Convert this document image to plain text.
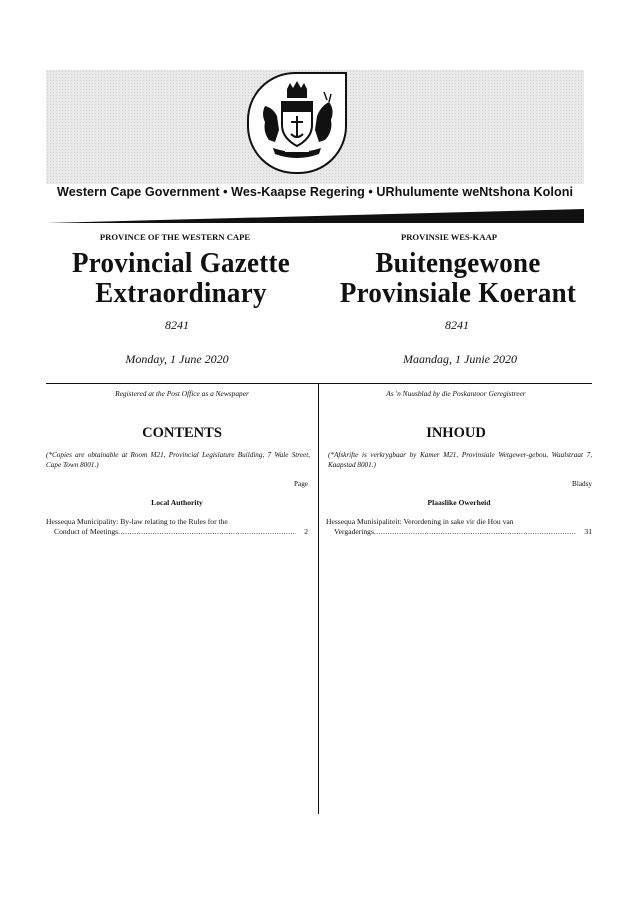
Western Cape Government • Wes-Kaapse Regering • URhulumente weNtshona Koloni
PROVINCE OF THE WESTERN CAPE
Provincial Gazette
Extraordinary
PROVINSIE WES-KAAP
Buitengewone
Provinsiale Koerant
8241	8241
Monday, 1 June 2020	Maandag, 1 Junie 2020
Registered at the Post Office as a Newspaper	As 'n Nuusblad by die Poskantoor Geregistreer
CONTENTS	INHOUD
(*Copies are obtainable at Room M21, Provincial Legislature Building, 7 Wale Street, Cape Town 8001.)
(*Afskrifte is verkrygbaar by Kamer M21, Provinsiale Wetgewer-gebou, Waalstraat 7, Kaapstad 8001.)
Page	Bladsy
Local Authority	Plaaslike Owerheid
Hessequa Municipality: By-law relating to the Rules for the
Conduct of Meetings .....	2
Hessequa Munisipaliteit: Verordening in sake vir die Hou van
Vergaderings .....	31
